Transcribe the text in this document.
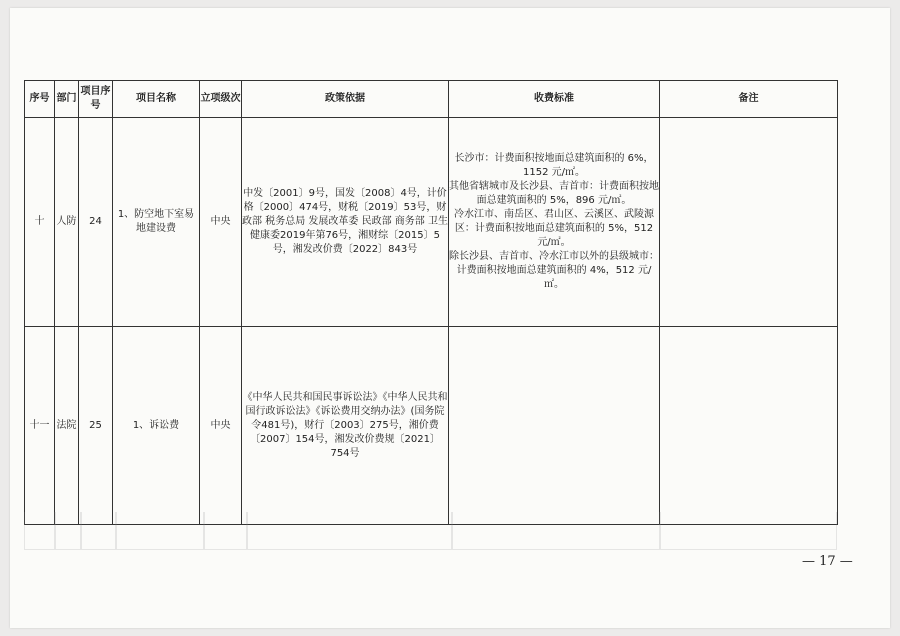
序号	部门	项目序号	项目名称	立项级次	政策依据	收费标准	备注
十	人防	24	1、防空地下室易地建设费	中央	中发〔2001〕9号，国发〔2008〕4号，计价格〔2000〕474号，财税〔2019〕53号，财政部 税务总局 发展改革委 民政部 商务部 卫生健康委2019年第76号，湘财综〔2015〕5号，湘发改价费〔2022〕843号	长沙市：计费面积按地面总建筑面积的 6%，1152 元/㎡。
其他省辖城市及长沙县、吉首市：计费面积按地面总建筑面积的 5%，896 元/㎡。
冷水江市、南岳区、君山区、云溪区、武陵源区：计费面积按地面总建筑面积的 5%，512 元/㎡。
除长沙县、吉首市、冷水江市以外的县级城市：计费面积按地面总建筑面积的 4%，512 元/㎡。	

十一	法院	25	1、诉讼费	中央	《中华人民共和国民事诉讼法》《中华人民共和国行政诉讼法》《诉讼费用交纳办法》(国务院令481号)，财行〔2003〕275号，湘价费〔2007〕154号，湘发改价费规〔2021〕754号		
— 17 —
